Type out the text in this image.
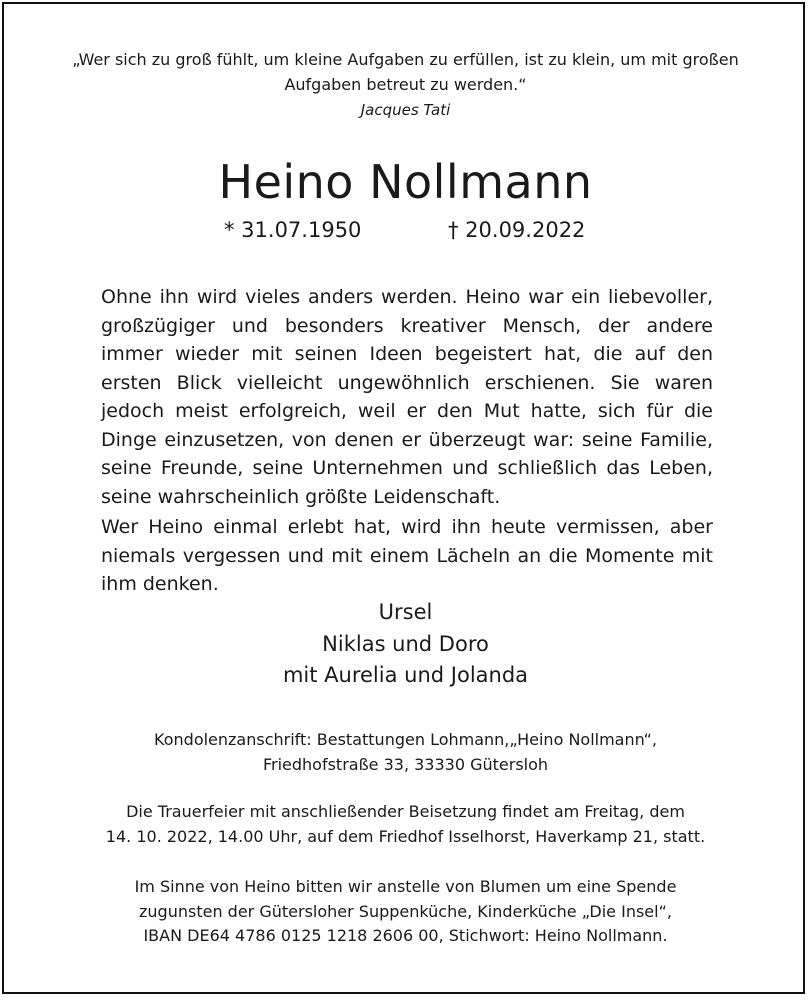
„Wer sich zu groß fühlt, um kleine Aufgaben zu erfüllen, ist zu klein, um mit großen Aufgaben betreut zu werden.“
Jacques Tati
Heino Nollmann
* 31.07.1950	† 20.09.2022
Ohne ihn wird vieles anders werden. Heino war ein liebevoller, großzügiger und besonders kreativer Mensch, der andere immer wieder mit seinen Ideen begeistert hat, die auf den ersten Blick vielleicht ungewöhnlich erschienen. Sie waren jedoch meist erfolgreich, weil er den Mut hatte, sich für die Dinge einzusetzen, von denen er überzeugt war: seine Familie, seine Freunde, seine Unternehmen und schließlich das Leben, seine wahrscheinlich größte Leidenschaft.
Wer Heino einmal erlebt hat, wird ihn heute vermissen, aber niemals vergessen und mit einem Lächeln an die Momente mit ihm denken.
Ursel
Niklas und Doro
mit Aurelia und Jolanda
Kondolenzanschrift: Bestattungen Lohmann,„Heino Nollmann“,
Friedhofstraße 33, 33330 Gütersloh
Die Trauerfeier mit anschließender Beisetzung findet am Freitag, dem
14. 10. 2022, 14.00 Uhr, auf dem Friedhof Isselhorst, Haverkamp 21, statt.
Im Sinne von Heino bitten wir anstelle von Blumen um eine Spende
zugunsten der Gütersloher Suppenküche, Kinderküche „Die Insel“,
IBAN DE64 4786 0125 1218 2606 00, Stichwort: Heino Nollmann.
